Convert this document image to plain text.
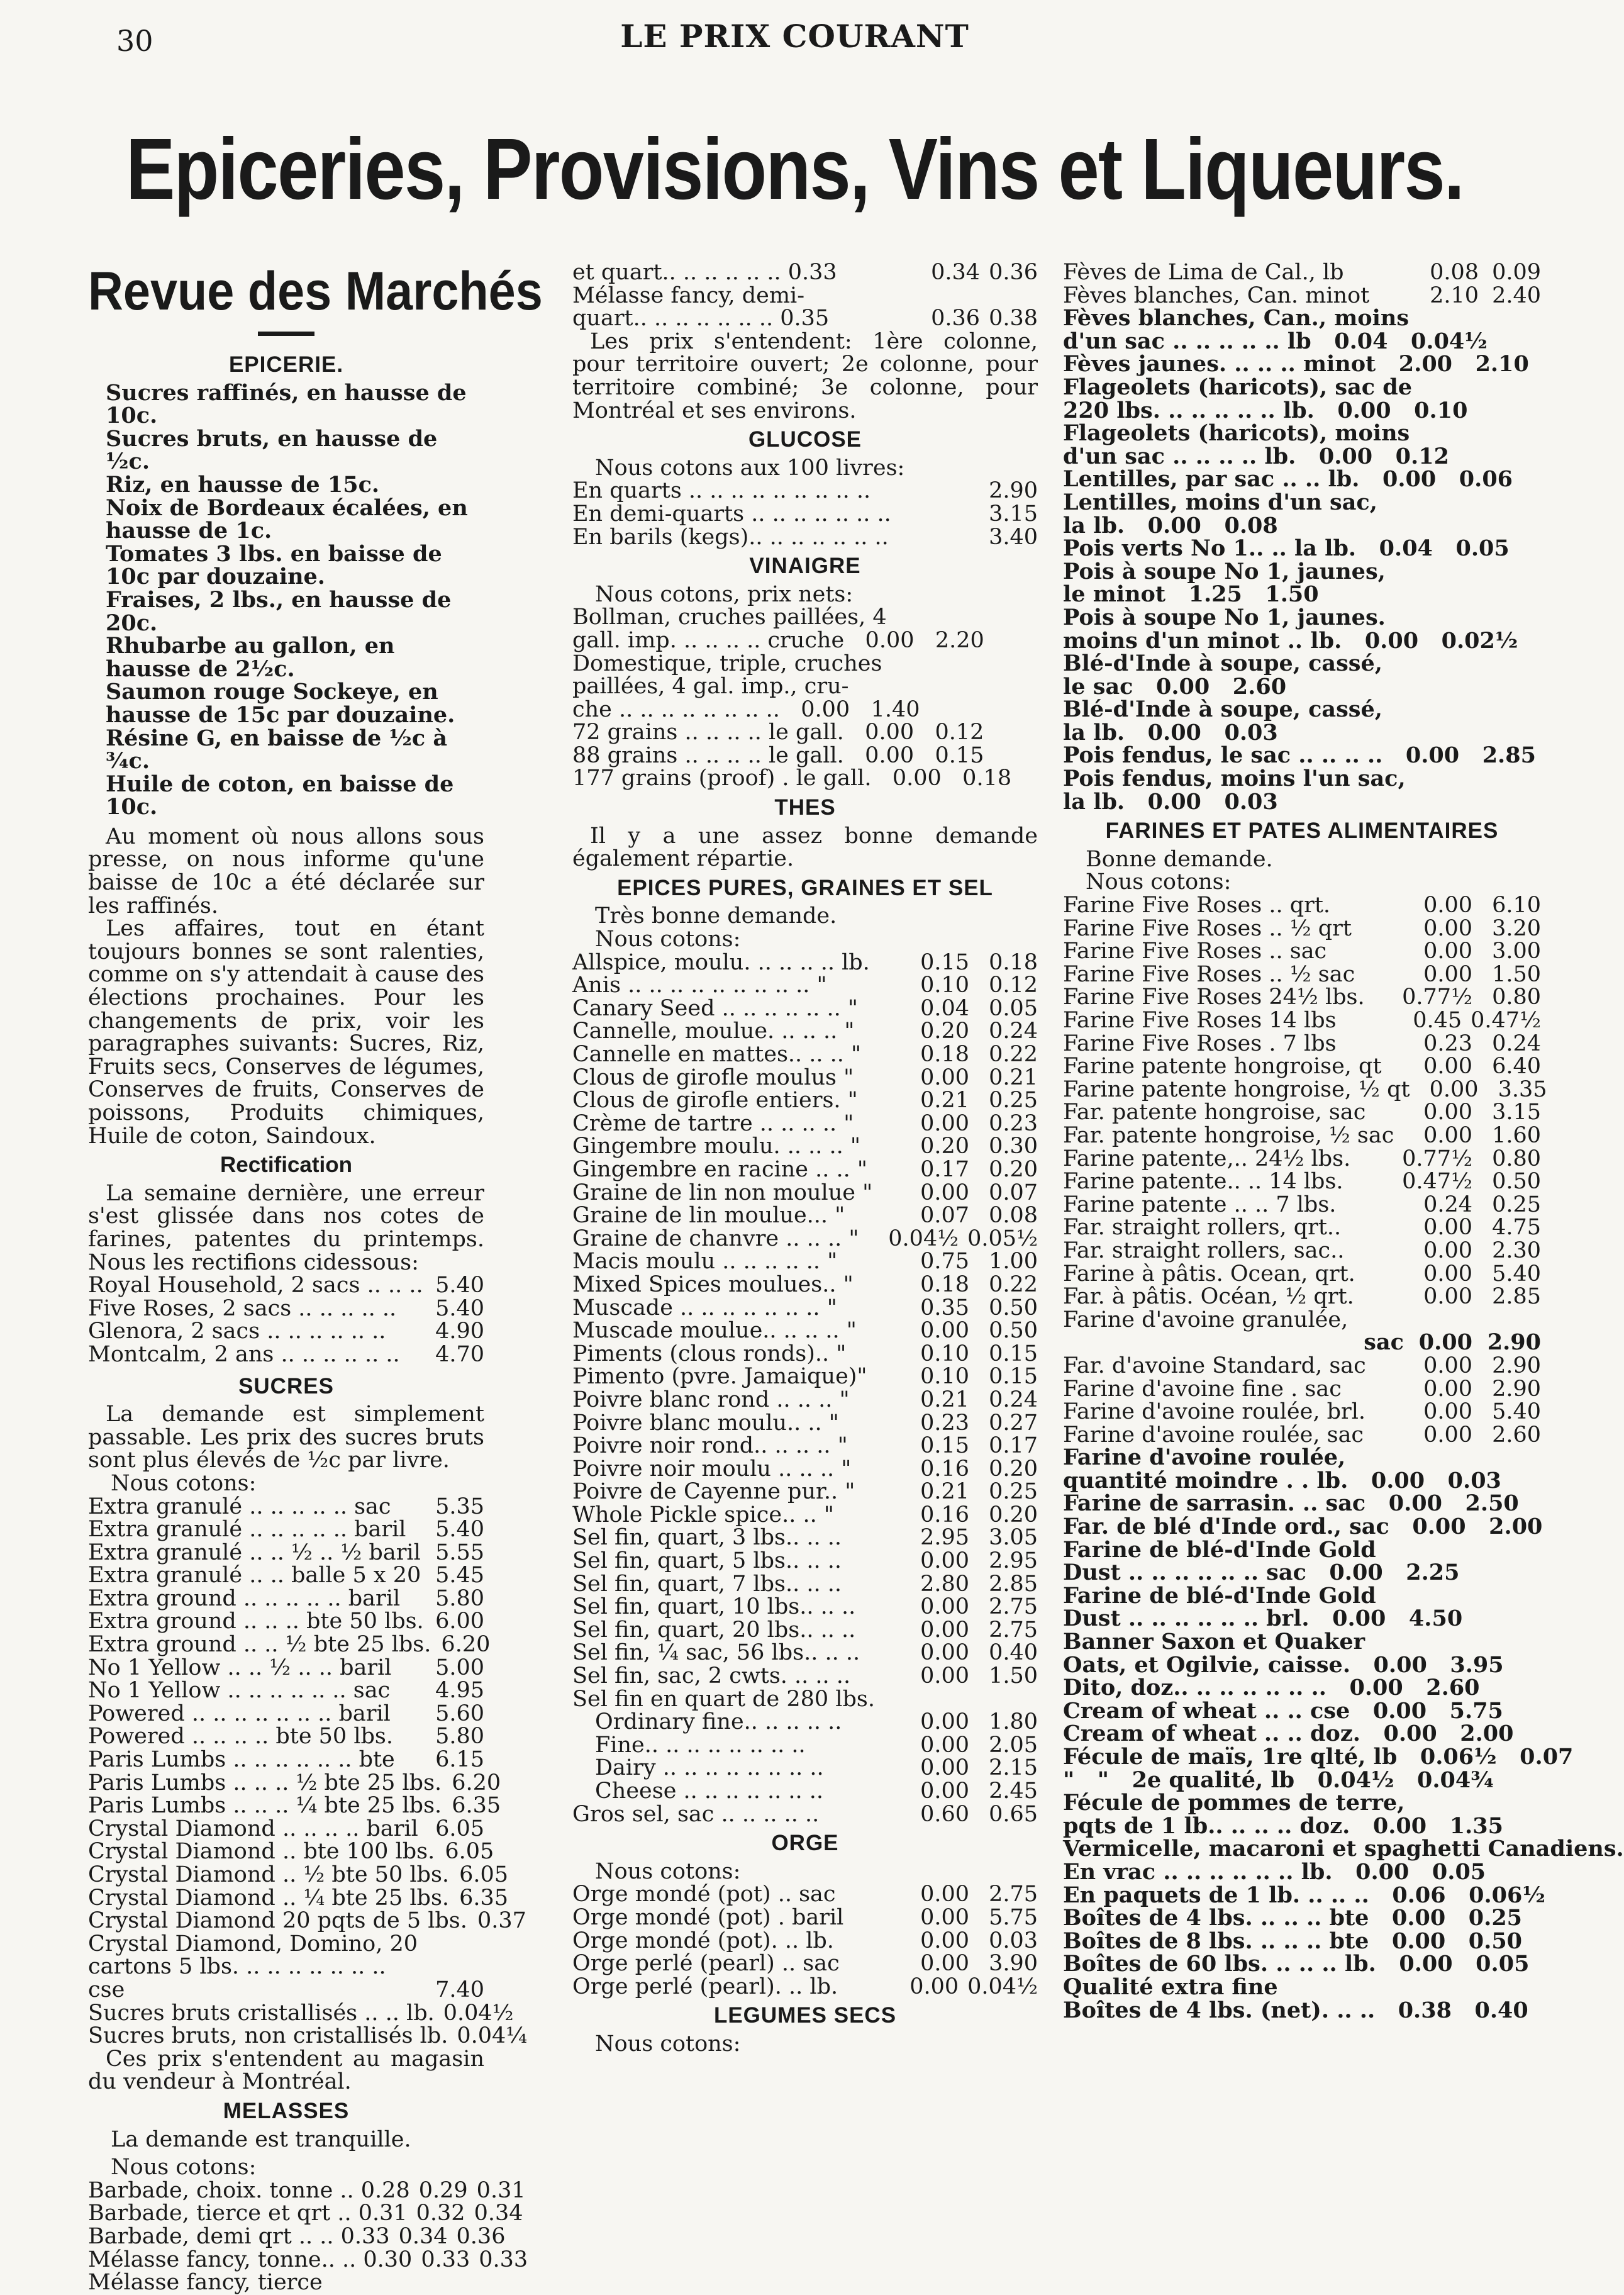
30	LE PRIX COURANT
Epiceries, Provisions, Vins et Liqueurs.
Revue des Marchés
EPICERIE.
Sucres raffinés, en hausse de 10c.
Sucres bruts, en hausse de ½c.
Riz, en hausse de 15c.
Noix de Bordeaux écalées, en hausse de 1c.
Tomates 3 lbs. en baisse de 10c par douzaine.
Fraises, 2 lbs., en hausse de 20c.
Rhubarbe au gallon, en hausse de 2½c.
Saumon rouge Sockeye, en hausse de 15c par douzaine.
Résine G, en baisse de ½c à ¾c.
Huile de coton, en baisse de 10c.

Au moment où nous allons sous presse, on nous informe qu'une baisse de 10c a été déclarée sur les raffinés.

Les affaires, tout en étant toujours bonnes se sont ralenties, comme on s'y attendait à cause des élections prochaines. Pour les changements de prix, voir les paragraphes suivants: Sucres, Riz, Fruits secs, Conserves de légumes, Conserves de fruits, Conserves de poissons, Produits chimiques, Huile de coton, Saindoux.

Rectification

La semaine dernière, une erreur s'est glissée dans nos cotes de farines, patentes du printemps. Nous les rectifions cidessous:

Royal Household, 2 sacs .. .. .. 5.40
Five Roses, 2 sacs .. .. .. .. ..	5.40
Glenora, 2 sacs .. .. .. .. .. ..	4.90
Montcalm, 2 ans .. .. .. .. .. ..	4.70
SUCRES

La demande est simplement passable. Les prix des sucres bruts sont plus élevés de ½c par livre.

Nous cotons:
Extra granulé .. .. .. .. .. sac	5.35
Extra granulé .. .. .. .. .. baril	5.40
Extra granulé .. .. ½ .. ½ baril 5.55
Extra granulé .. .. balle 5 x 20 5.45
Extra ground .. .. .. .. .. baril	5.80
Extra ground .. .. .. bte 50 lbs. 6.00
Extra ground .. .. ½ bte 25 lbs. 6.20
No 1 Yellow .. .. ½ .. .. baril	5.00
No 1 Yellow .. .. .. .. .. .. sac	4.95
Powered .. .. .. .. .. .. .. baril	5.60
Powered .. .. .. .. bte 50 lbs.	5.80
Paris Lumbs .. .. .. .. .. .. bte	6.15
Paris Lumbs .. .. .. ½ bte 25 lbs. 6.20
Paris Lumbs .. .. .. ¼ bte 25 lbs. 6.35
Crystal Diamond .. .. .. .. baril 6.05
Crystal Diamond .. bte 100 lbs. 6.05
Crystal Diamond .. ½ bte 50 lbs. 6.05
Crystal Diamond .. ¼ bte 25 lbs. 6.35
Crystal Diamond 20 pqts de 5 lbs. 0.37
Crystal Diamond, Domino, 20 cartons 5 lbs. .. .. .. .. .. .. .. cse	7.40
Sucres bruts cristallisés .. .. lb. 0.04½
Sucres bruts, non cristallisés lb. 0.04¼

Ces prix s'entendent au magasin du vendeur à Montréal.

MELASSES
La demande est tranquille.
Nous cotons:
Barbade, choix. tonne .. 0.28 0.29 0.31
Barbade, tierce et qrt .. 0.31 0.32 0.34
Barbade, demi qrt .. .. 0.33 0.34 0.36
Mélasse fancy, tonne.. .. 0.30 0.33 0.33
Mélasse fancy, tierce
et quart.. .. .. .. .. .. 0.33	0.34 0.36
Mélasse fancy, demi-
quart.. .. .. .. .. .. .. 0.35	0.36 0.38

Les prix s'entendent: 1ère colonne, pour territoire ouvert; 2e colonne, pour territoire combiné; 3e colonne, pour Montréal et ses environs.

GLUCOSE
Nous cotons aux 100 livres:
En quarts .. .. .. .. .. .. .. .. ..	2.90
En demi-quarts .. .. .. .. .. .. ..	3.15
En barils (kegs).. .. .. .. .. .. ..	3.40
VINAIGRE
Nous cotons, prix nets:
Bollman, cruches paillées, 4
gall. imp. .. .. .. .. cruche   0.00   2.20
Domestique, triple, cruches
paillées, 4 gal. imp., cru-
che .. .. .. .. .. .. .. ..   0.00   1.40
72 grains .. .. .. .. le gall.   0.00   0.12
88 grains .. .. .. .. le gall.   0.00   0.15
177 grains (proof) . le gall.   0.00   0.18
THES

Il y a une assez bonne demande également répartie.

EPICES PURES, GRAINES ET SEL
Très bonne demande.
Nous cotons:
Allspice, moulu. .. .. .. .. lb.	0.15 0.18
Anis .. .. .. .. .. .. .. .. .. "	0.10 0.12
Canary Seed .. .. .. .. .. .. "	0.04 0.05
Cannelle, moulue. .. .. .. "	0.20 0.24
Cannelle en mattes.. .. .. "	0.18 0.22
Clous de girofle moulus "	0.00 0.21
Clous de girofle entiers. "	0.21 0.25
Crème de tartre .. .. .. .. "	0.00 0.23
Gingembre moulu. .. .. .. "	0.20 0.30
Gingembre en racine .. .. "	0.17 0.20
Graine de lin non moulue "	0.00 0.07
Graine de lin moulue... "	0.07 0.08
Graine de chanvre .. .. .. "	0.04½ 0.05½
Macis moulu .. .. .. .. .. "	0.75 1.00
Mixed Spices moulues.. "	0.18 0.22
Muscade .. .. .. .. .. .. .. "	0.35 0.50
Muscade moulue.. .. .. .. "	0.00 0.50
Piments (clous ronds).. "	0.10 0.15
Pimento (pvre. Jamaique)"	0.10 0.15
Poivre blanc rond .. .. .. "	0.21 0.24
Poivre blanc moulu.. .. "	0.23 0.27
Poivre noir rond.. .. .. .. "	0.15 0.17
Poivre noir moulu .. .. .. "	0.16 0.20
Poivre de Cayenne pur.. "	0.21 0.25
Whole Pickle spice.. .. "	0.16 0.20
Sel fin, quart, 3 lbs.. .. ..	2.95 3.05
Sel fin, quart, 5 lbs.. .. ..	0.00 2.95
Sel fin, quart, 7 lbs.. .. ..	2.80 2.85
Sel fin, quart, 10 lbs.. .. ..	0.00 2.75
Sel fin, quart, 20 lbs.. .. ..	0.00 2.75
Sel fin, ¼ sac, 56 lbs.. .. ..	0.00 0.40
Sel fin, sac, 2 cwts. .. .. ..	0.00 1.50
Sel fin en quart de 280 lbs.
Ordinary fine.. .. .. .. ..	0.00 1.80
Fine.. .. .. .. .. .. .. ..	0.00 2.05
Dairy .. .. .. .. .. .. .. ..	0.00 2.15
Cheese .. .. .. .. .. .. ..	0.00 2.45
Gros sel, sac .. .. .. .. ..	0.60 0.65
ORGE
Nous cotons:
Orge mondé (pot) .. sac	0.00 2.75
Orge mondé (pot) . baril	0.00 5.75
Orge mondé (pot). .. lb.	0.00 0.03
Orge perlé (pearl) .. sac	0.00 3.90
Orge perlé (pearl). .. lb.	0.00 0.04½
LEGUMES SECS
Nous cotons:
Fèves de Lima de Cal., lb	0.08 0.09
Fèves blanches, Can. minot	2.10 2.40
Fèves blanches, Can., moins
d'un sac .. .. .. .. .. lb   0.04   0.04½
Fèves jaunes. .. .. .. minot   2.00   2.10
Flageolets (haricots), sac de
220 lbs. .. .. .. .. .. lb.   0.00   0.10
Flageolets (haricots), moins
d'un sac .. .. .. .. lb.   0.00   0.12
Lentilles, par sac .. .. lb.   0.00   0.06
Lentilles, moins d'un sac,
la lb.   0.00   0.08
Pois verts No 1.. .. la lb.   0.04   0.05
Pois à soupe No 1, jaunes,
le minot   1.25   1.50
Pois à soupe No 1, jaunes.
moins d'un minot .. lb.   0.00   0.02½
Blé-d'Inde à soupe, cassé,
le sac   0.00   2.60
Blé-d'Inde à soupe, cassé,
la lb.   0.00   0.03
Pois fendus, le sac .. .. .. ..   0.00   2.85
Pois fendus, moins l'un sac,
la lb.   0.00   0.03
FARINES ET PATES ALIMENTAIRES
Bonne demande.
Nous cotons:
Farine Five Roses .. qrt.	0.00 6.10
Farine Five Roses .. ½ qrt	0.00 3.20
Farine Five Roses .. sac	0.00 3.00
Farine Five Roses .. ½ sac	0.00 1.50
Farine Five Roses 24½ lbs.	0.77½ 0.80
Farine Five Roses 14 lbs	0.45 0.47½
Farine Five Roses . 7 lbs	0.23 0.24
Farine patente hongroise, qt	0.00 6.40
Farine patente hongroise, ½ qt 0.00 3.35
Far. patente hongroise, sac	0.00 3.15
Far. patente hongroise, ½ sac	0.00 1.60
Farine patente,.. 24½ lbs.	0.77½ 0.80
Farine patente.. .. 14 lbs.	0.47½ 0.50
Farine patente .. .. 7 lbs.	0.24 0.25
Far. straight rollers, qrt..	0.00 4.75
Far. straight rollers, sac..	0.00 2.30
Farine à pâtis. Ocean, qrt.	0.00 5.40
Far. à pâtis. Océan, ½ qrt.	0.00 2.85
Farine d'avoine granulée,
sac 0.00 2.90
Far. d'avoine Standard, sac	0.00 2.90
Farine d'avoine fine . sac	0.00 2.90
Farine d'avoine roulée, brl.	0.00 5.40
Farine d'avoine roulée, sac	0.00 2.60
Farine d'avoine roulée,
quantité moindre . . lb.   0.00   0.03
Farine de sarrasin. .. sac   0.00   2.50
Far. de blé d'Inde ord., sac   0.00   2.00
Farine de blé-d'Inde Gold
Dust .. .. .. .. .. .. sac   0.00   2.25
Farine de blé-d'Inde Gold
Dust .. .. .. .. .. .. brl.   0.00   4.50
Banner Saxon et Quaker
Oats, et Ogilvie, caisse.   0.00   3.95
Dito, doz.. .. .. .. .. .. ..   0.00   2.60
Cream of wheat .. .. cse   0.00   5.75
Cream of wheat .. .. doz.   0.00   2.00
Fécule de maïs, 1re qlté, lb   0.06½   0.07
"   "   2e qualité, lb   0.04½   0.04¾
Fécule de pommes de terre,
pqts de 1 lb.. .. .. .. doz.   0.00   1.35
Vermicelle, macaroni et spaghetti Canadiens.
En vrac .. .. .. .. .. .. lb.   0.00   0.05
En paquets de 1 lb. .. .. ..   0.06   0.06½
Boîtes de 4 lbs. .. .. .. bte   0.00   0.25
Boîtes de 8 lbs. .. .. .. bte   0.00   0.50
Boîtes de 60 lbs. .. .. .. lb.   0.00   0.05
Qualité extra fine
Boîtes de 4 lbs. (net). .. ..   0.38   0.40
